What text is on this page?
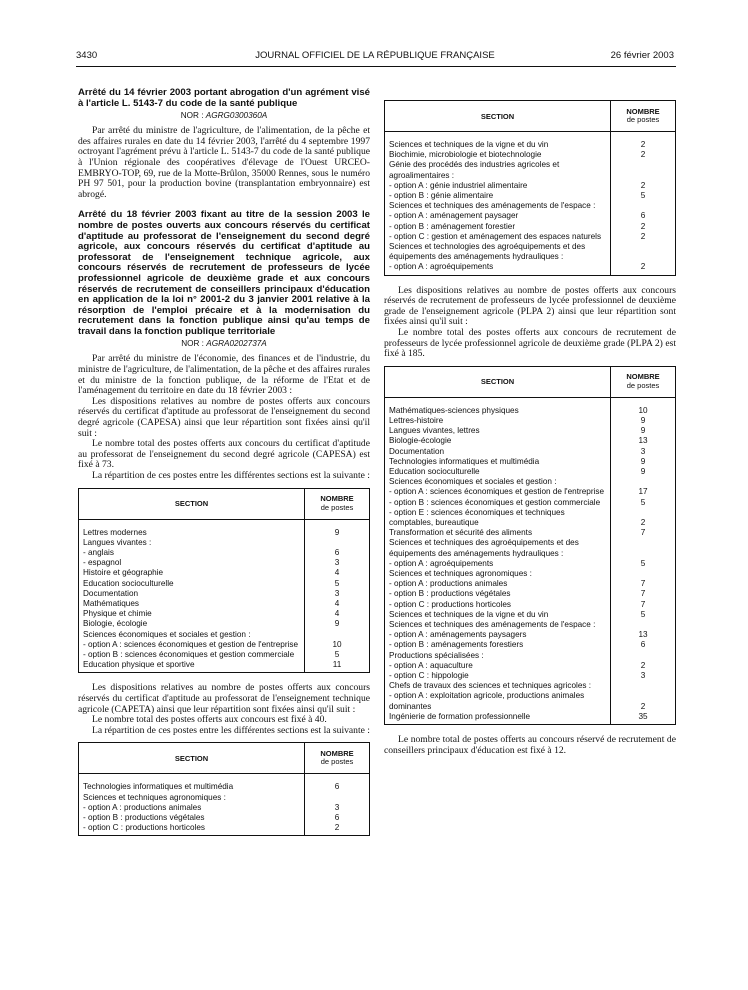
3430	JOURNAL OFFICIEL DE LA RÉPUBLIQUE FRANÇAISE	26 février 2003

Arrêté du 14 février 2003 portant abrogation d'un agrément visé à l'article L. 5143-7 du code de la santé publique

NOR : AGRG0300360A

Par arrêté du ministre de l'agriculture, de l'alimentation, de la pêche et des affaires rurales en date du 14 février 2003, l'arrêté du 4 septembre 1997 octroyant l'agrément prévu à l'article L. 5143-7 du code de la santé publique à l'Union régionale des coopératives d'élevage de l'Ouest URCEO-EMBRYO-TOP, 69, rue de la Motte-Brûlon, 35000 Rennes, sous le numéro PH 97 501, pour la production bovine (transplantation embryonnaire) est abrogé.

Arrêté du 18 février 2003 fixant au titre de la session 2003 le nombre de postes ouverts aux concours réservés du certificat d'aptitude au professorat de l'enseignement du second degré agricole, aux concours réservés du certificat d'aptitude au professorat de l'enseignement technique agricole, aux concours réservés de recrutement de professeurs de lycée professionnel agricole de deuxième grade et aux concours réservés de recrutement de conseillers principaux d'éducation en application de la loi n° 2001-2 du 3 janvier 2001 relative à la résorption de l'emploi précaire et à la modernisation du recrutement dans la fonction publique ainsi qu'au temps de travail dans la fonction publique territoriale

NOR : AGRA0202737A

Par arrêté du ministre de l'économie, des finances et de l'industrie, du ministre de l'agriculture, de l'alimentation, de la pêche et des affaires rurales et du ministre de la fonction publique, de la réforme de l'Etat et de l'aménagement du territoire en date du 18 février 2003 :

Les dispositions relatives au nombre de postes offerts aux concours réservés du certificat d'aptitude au professorat de l'enseignement du second degré agricole (CAPESA) ainsi que leur répartition sont fixées ainsi qu'il suit :

Le nombre total des postes offerts aux concours du certificat d'aptitude au professorat de l'enseignement du second degré agricole (CAPESA) est fixé à 73.

La répartition de ces postes entre les différentes sections est la suivante :

SECTION	NOMBRE
de postes

Lettres modernes	9
Langues vivantes :	
- anglais	6
- espagnol	3
Histoire et géographie	4
Education socioculturelle	5
Documentation	3
Mathématiques	4
Physique et chimie	4
Biologie, écologie	9
Sciences économiques et sociales et gestion :	
- option A : sciences économiques et gestion de l'entreprise	10
- option B : sciences économiques et gestion commerciale	5
Education physique et sportive	11

Les dispositions relatives au nombre de postes offerts aux concours réservés du certificat d'aptitude au professorat de l'enseignement technique agricole (CAPETA) ainsi que leur répartition sont fixées ainsi qu'il suit :

Le nombre total des postes offerts aux concours est fixé à 40.

La répartition de ces postes entre les différentes sections est la suivante :

SECTION	NOMBRE
de postes

Technologies informatiques et multimédia	6
Sciences et techniques agronomiques :	
- option A : productions animales	3
- option B : productions végétales	6
- option C : productions horticoles	2
SECTION	NOMBRE
de postes

Sciences et techniques de la vigne et du vin	2
Biochimie, microbiologie et biotechnologie	2
Génie des procédés des industries agricoles et agroalimentaires :	
- option A : génie industriel alimentaire	2
- option B : génie alimentaire	5
Sciences et techniques des aménagements de l'espace :	
- option A : aménagement paysager	6
- option B : aménagement forestier	2
- option C : gestion et aménagement des espaces naturels	2
Sciences et technologies des agroéquipements et des équipements des aménagements hydrauliques :	
- option A : agroéquipements	2

Les dispositions relatives au nombre de postes offerts aux concours réservés de recrutement de professeurs de lycée professionnel de deuxième grade de l'enseignement agricole (PLPA 2) ainsi que leur répartition sont fixées ainsi qu'il suit :

Le nombre total des postes offerts aux concours de recrutement de professeurs de lycée professionnel agricole de deuxième grade (PLPA 2) est fixé à 185.

SECTION	NOMBRE
de postes

Mathématiques-sciences physiques	10
Lettres-histoire	9
Langues vivantes, lettres	9
Biologie-écologie	13
Documentation	3
Technologies informatiques et multimédia	9
Education socioculturelle	9
Sciences économiques et sociales et gestion :	
- option A : sciences économiques et gestion de l'entreprise	17
- option B : sciences économiques et gestion commerciale	5
- option E : sciences économiques et techniques comptables, bureautique	2
Transformation et sécurité des aliments	7
Sciences et techniques des agroéquipements et des équipements des aménagements hydrauliques :	
- option A : agroéquipements	5
Sciences et techniques agronomiques :	
- option A : productions animales	7
- option B : productions végétales	7
- option C : productions horticoles	7
Sciences et techniques de la vigne et du vin	5
Sciences et techniques des aménagements de l'espace :	
- option A : aménagements paysagers	13
- option B : aménagements forestiers	6
Productions spécialisées :	
- option A : aquaculture	2
- option C : hippologie	3
Chefs de travaux des sciences et techniques agricoles :	
- option A : exploitation agricole, productions animales dominantes	2
Ingénierie de formation professionnelle	35

Le nombre total de postes offerts au concours réservé de recrutement de conseillers principaux d'éducation est fixé à 12.
